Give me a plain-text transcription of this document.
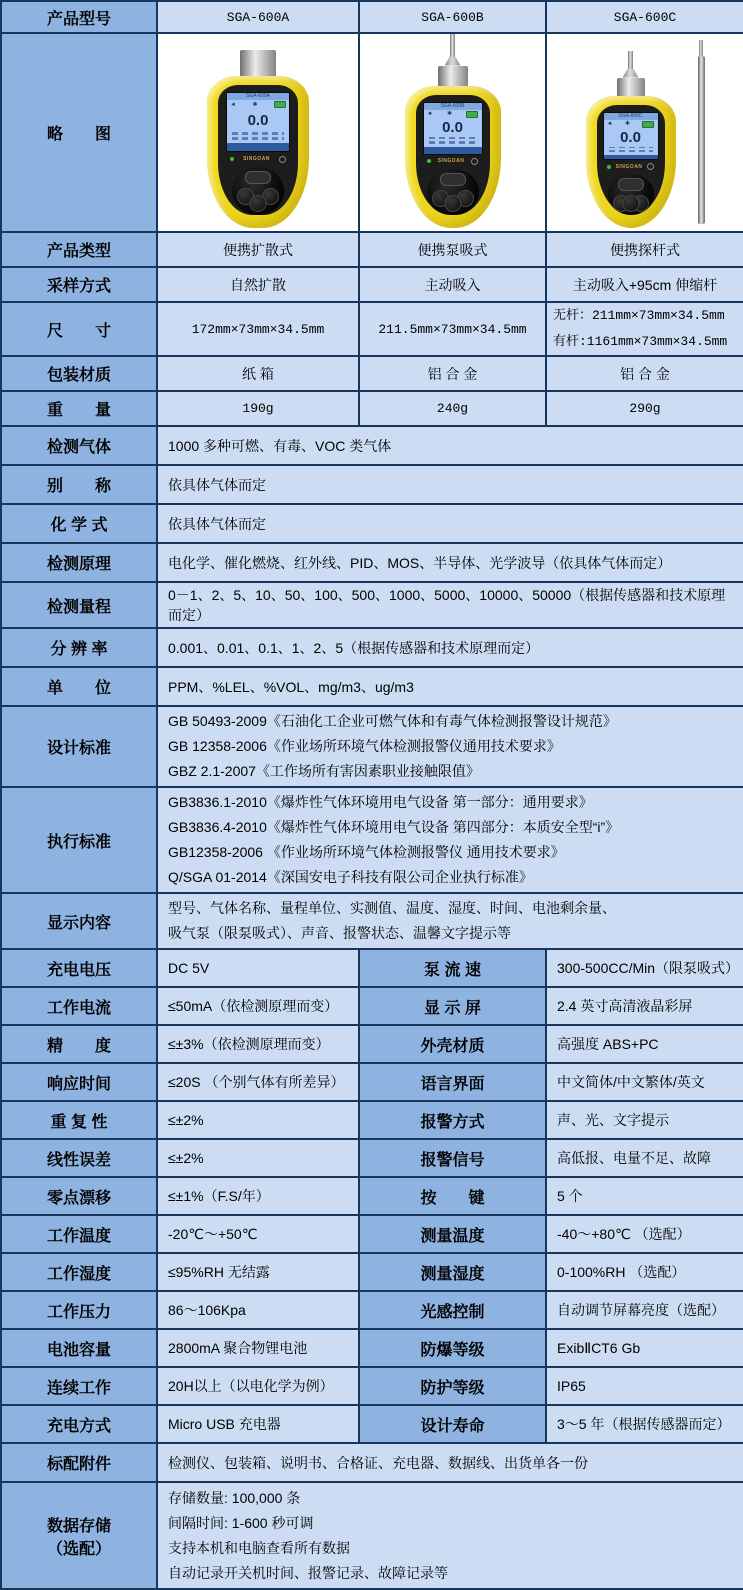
产品型号	SGA-600A	SGA-600B	SGA-600C
略　　图	
SGA-600A
◄	✱
0.0
SINGOAN

SGA-600B
◄ ✱
0.0
SINGOAN

SGA-600C
◄ ✱
0.0
SINGOAN

产品类型	便携扩散式	便携泵吸式	便携探杆式
采样方式	自然扩散	主动吸入	主动吸入+95cm 伸缩杆
尺　　寸	172mm×73mm×34.5mm	211.5mm×73mm×34.5mm	无杆：211mm×73mm×34.5mm
有杆:1161mm×73mm×34.5mm

包装材质	纸 箱	铝 合 金	铝 合 金
重　　量	190g	240g	290g
检测气体	1000 多种可燃、有毒、VOC 类气体		
别　　称	依具体气体而定		
化 学 式	依具体气体而定		
检测原理	电化学、催化燃烧、红外线、PID、MOS、半导体、光学波导（依具体气体而定）		
检测量程	0－1、2、5、10、50、100、500、1000、5000、10000、50000（根据传感器和技术原理而定）		
分 辨 率	0.001、0.01、0.1、1、2、5（根据传感器和技术原理而定）		
单　　位	PPM、%LEL、%VOL、mg/m3、ug/m3		
设计标准	GB 50493-2009《石油化工企业可燃气体和有毒气体检测报警设计规范》
GB 12358-2006《作业场所环境气体检测报警仪通用技术要求》
GBZ 2.1-2007《工作场所有害因素职业接触限值》		

执行标准	GB3836.1-2010《爆炸性气体环境用电气设备 第一部分：通用要求》
GB3836.4-2010《爆炸性气体环境用电气设备 第四部分：本质安全型“i”》
GB12358-2006 《作业场所环境气体检测报警仪 通用技术要求》
Q/SGA 01-2014《深国安电子科技有限公司企业执行标准》		

显示内容	型号、气体名称、量程单位、实测值、温度、湿度、时间、电池剩余量、
吸气泵（限泵吸式）、声音、报警状态、温馨文字提示等		

充电电压	DC 5V	泵 流 速	300-500CC/Min（限泵吸式）
工作电流	≤50mA（依检测原理而变）	显 示 屏	2.4 英寸高清液晶彩屏
精　　度	≤±3%（依检测原理而变）	外壳材质	高强度 ABS+PC
响应时间	≤20S （个别气体有所差异）	语言界面	中文简体/中文繁体/英文
重 复 性	≤±2%	报警方式	声、光、文字提示
线性误差	≤±2%	报警信号	高低报、电量不足、故障
零点漂移	≤±1%（F.S/年）	按　　键	5 个
工作温度	-20℃～+50℃	测量温度	-40～+80℃ （选配）
工作湿度	≤95%RH 无结露	测量湿度	0-100%RH （选配）
工作压力	86～106Kpa	光感控制	自动调节屏幕亮度（选配）
电池容量	2800mA 聚合物锂电池	防爆等级	ExibⅡCT6 Gb
连续工作	20H以上（以电化学为例）	防护等级	IP65
充电方式	Micro USB 充电器	设计寿命	3～5 年（根据传感器而定）
标配附件	检测仪、包装箱、说明书、合格证、充电器、数据线、出货单各一份		

数据存储
（选配）

存储数量: 100,000 条
间隔时间: 1-600 秒可调
支持本机和电脑查看所有数据
自动记录开关机时间、报警记录、故障记录等
